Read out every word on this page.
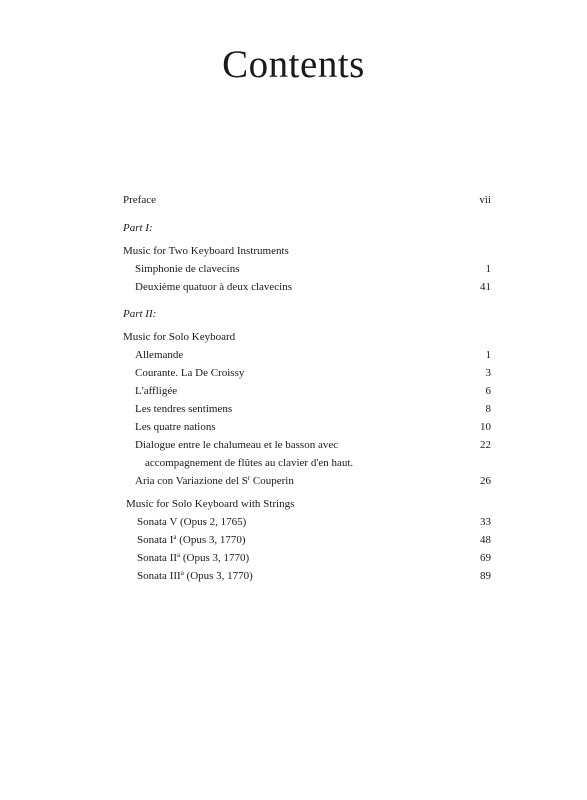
Contents
Preface	vii
Part I:
Music for Two Keyboard Instruments
Simphonie de clavecins	1
Deuxième quatuor à deux clavecins	41
Part II:
Music for Solo Keyboard
Allemande	1
Courante. La De Croissy	3
L'affligée	6
Les tendres sentimens	8
Les quatre nations	10
Dialogue entre le chalumeau et le basson avec	22
accompagnement de flûtes au clavier d'en haut.
Aria con Variazione del $S^r$ Couperin	26
Music for Solo Keyboard with Strings
Sonata V (Opus 2, 1765)	33
Sonata $I^a$ (Opus 3, 1770)	48
Sonata $II^a$ (Opus 3, 1770)	69
Sonata III$^a$ (Opus 3, 1770)	89
